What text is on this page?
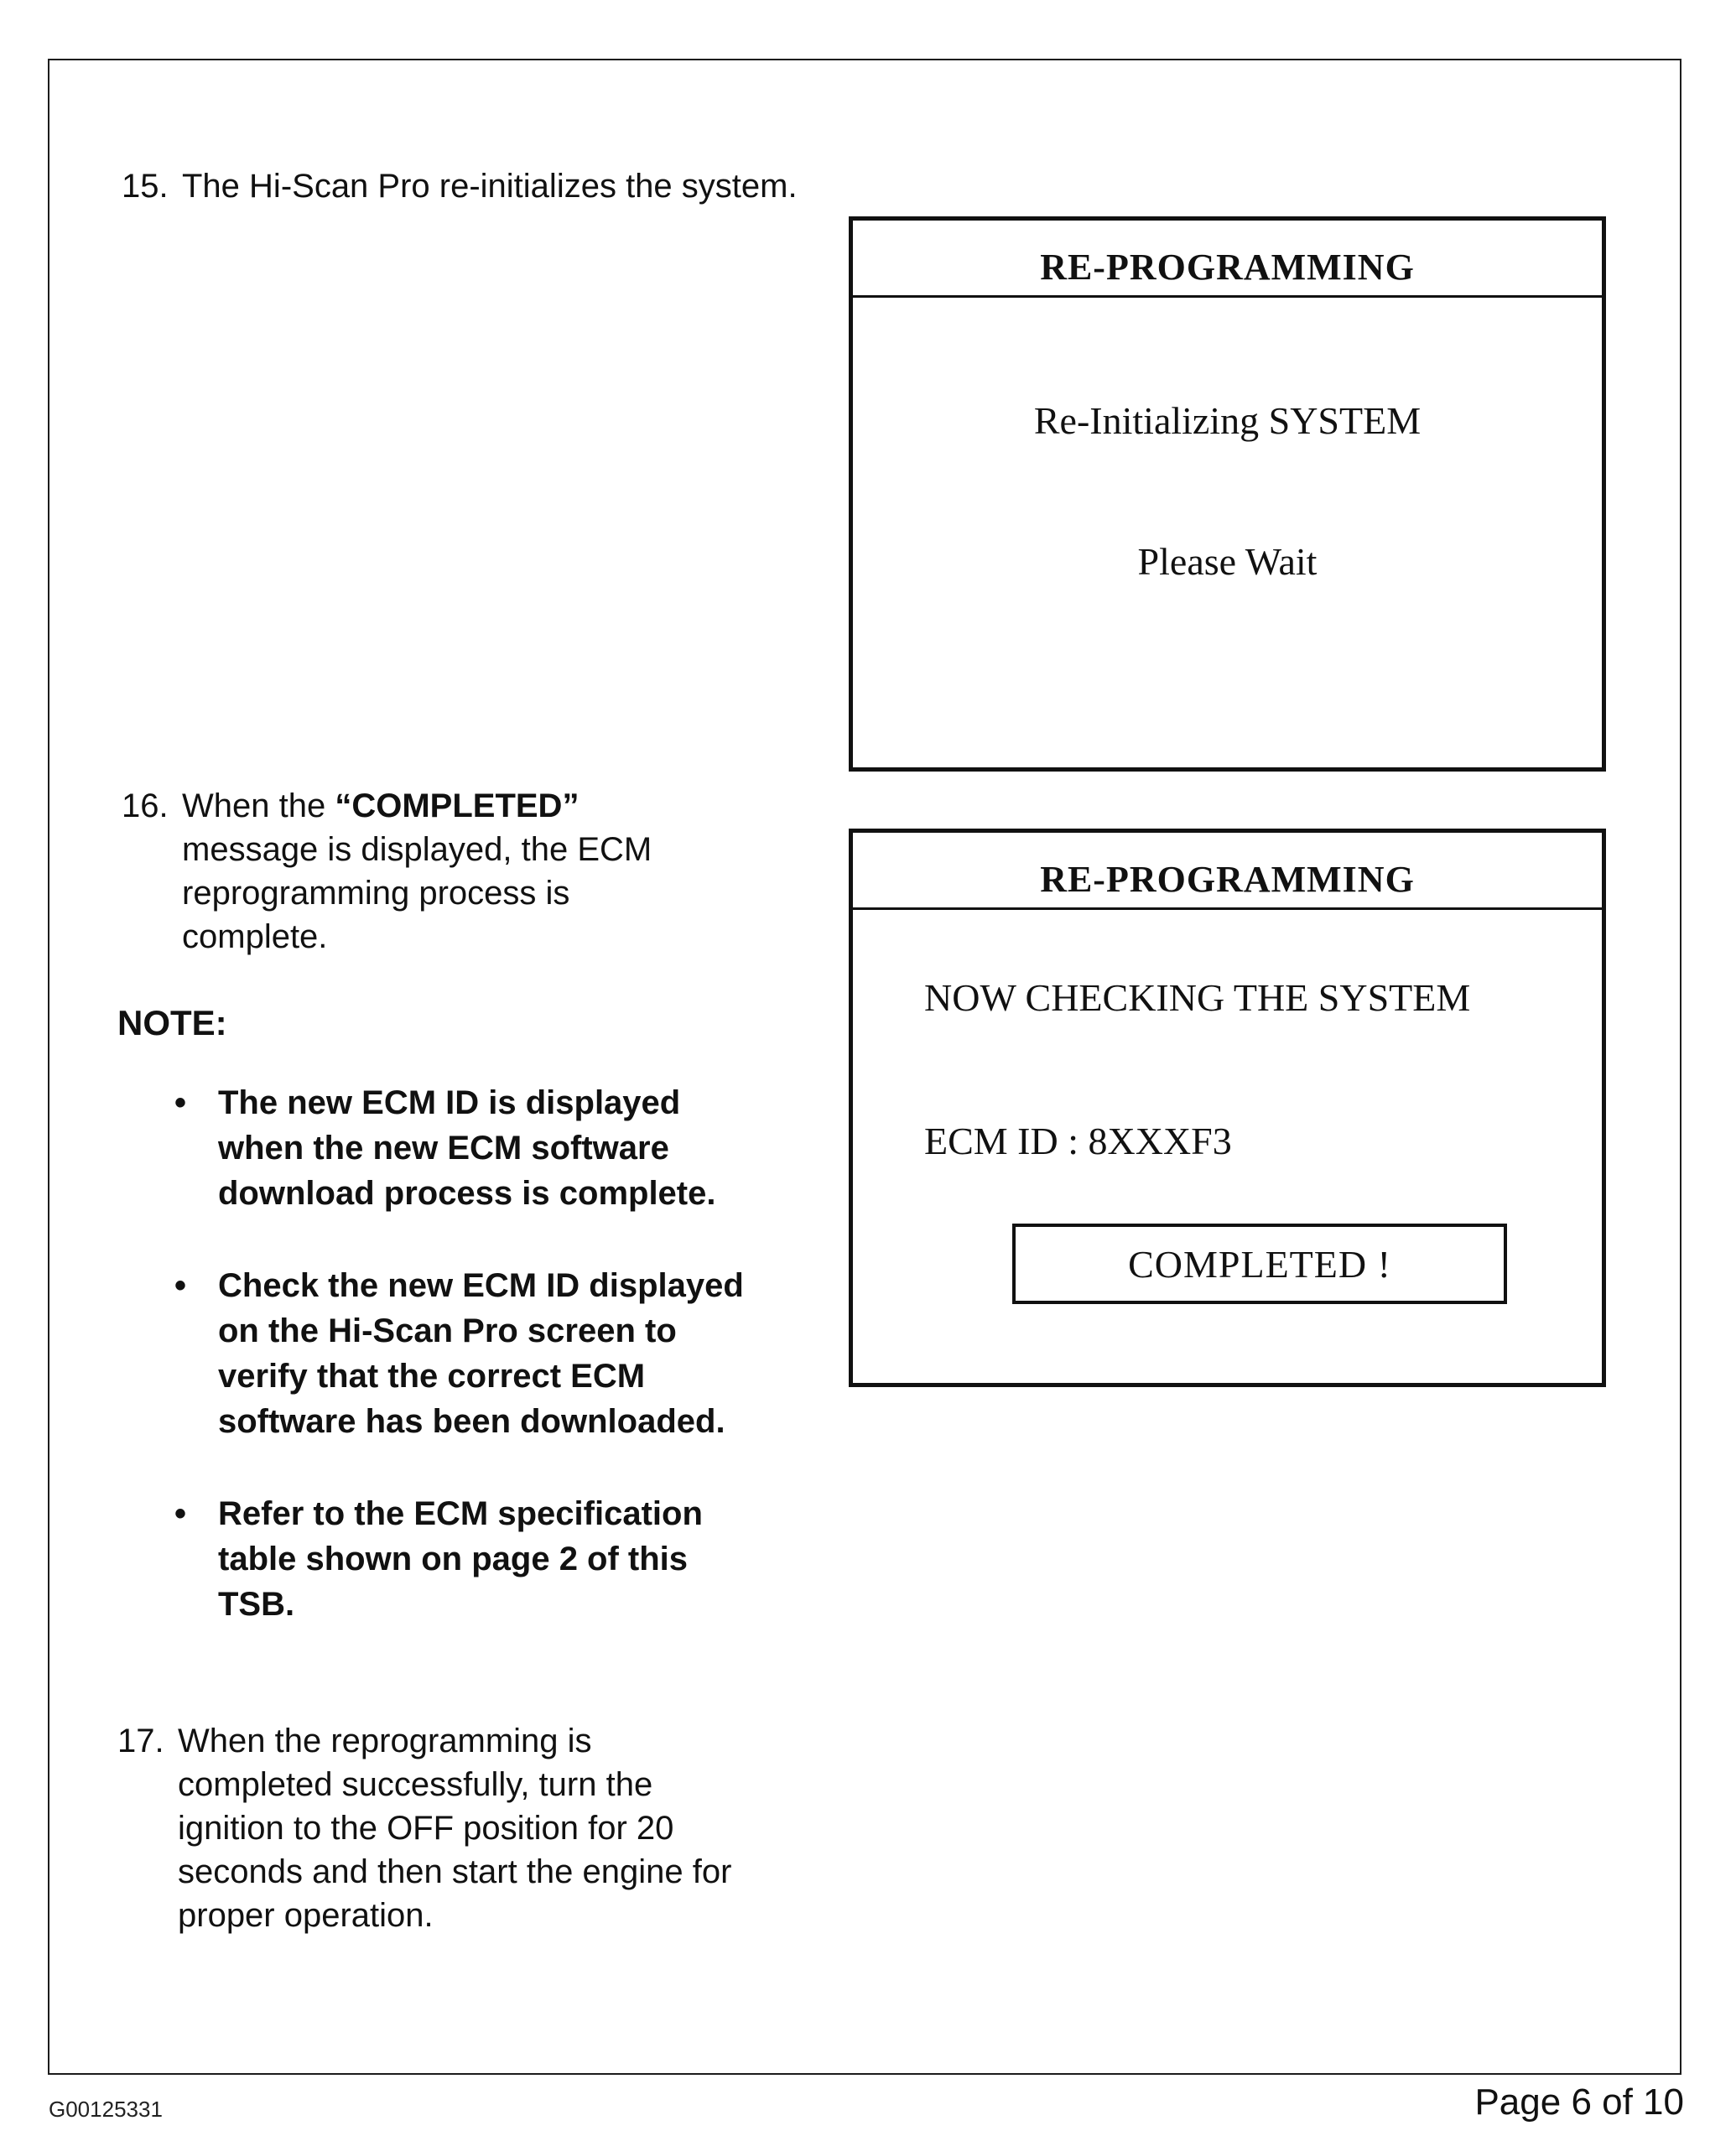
15. The Hi-Scan Pro re-initializes the system.
RE-PROGRAMMING
Re-Initializing SYSTEM
Please Wait
16. When the “COMPLETED” message is displayed, the ECM reprogramming process is complete.
RE-PROGRAMMING
NOW CHECKING THE SYSTEM
ECM ID : 8XXXF3
COMPLETED !
NOTE:
• The new ECM ID is displayed when the new ECM software download process is complete.
• Check the new ECM ID displayed on the Hi-Scan Pro screen to verify that the correct ECM software has been downloaded.
• Refer to the ECM specification table shown on page 2 of this TSB.
17. When the reprogramming is completed successfully, turn the ignition to the OFF position for 20 seconds and then start the engine for proper operation.
G00125331	Page 6 of 10
